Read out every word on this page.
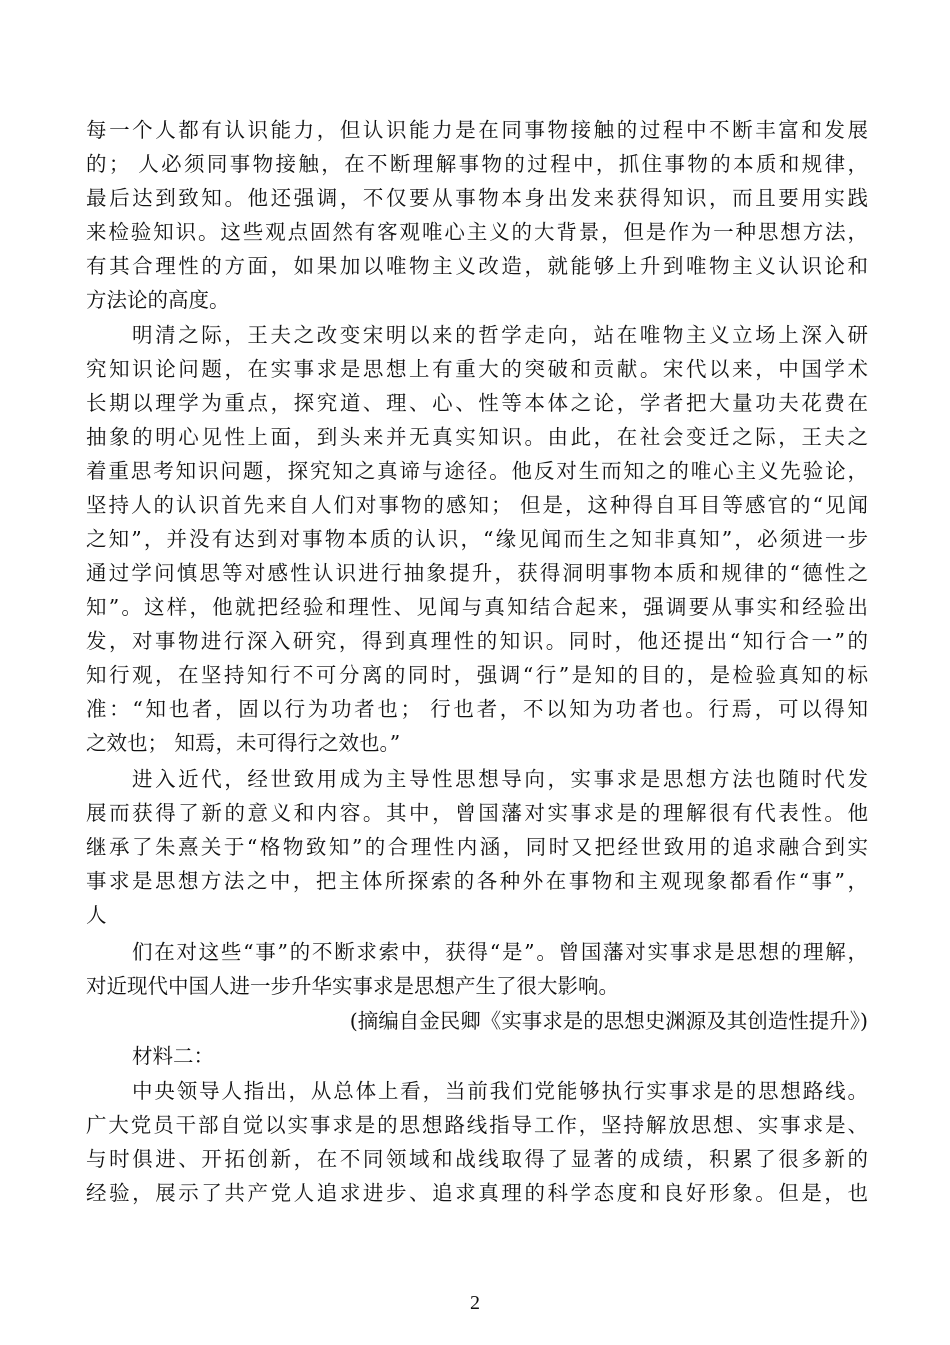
每一个人都有认识能力，但认识能力是在同事物接触的过程中不断丰富和发展
的； 人必须同事物接触，在不断理解事物的过程中，抓住事物的本质和规律，
最后达到致知。他还强调，不仅要从事物本身出发来获得知识，而且要用实践
来检验知识。这些观点固然有客观唯心主义的大背景，但是作为一种思想方法，
有其合理性的方面，如果加以唯物主义改造，就能够上升到唯物主义认识论和
方法论的高度。
明清之际，王夫之改变宋明以来的哲学走向，站在唯物主义立场上深入研
究知识论问题，在实事求是思想上有重大的突破和贡献。宋代以来，中国学术
长期以理学为重点，探究道、理、心、性等本体之论，学者把大量功夫花费在
抽象的明心见性上面，到头来并无真实知识。由此，在社会变迁之际，王夫之
着重思考知识问题，探究知之真谛与途径。他反对生而知之的唯心主义先验论，
坚持人的认识首先来自人们对事物的感知； 但是，这种得自耳目等感官的“见闻
之知”，并没有达到对事物本质的认识，“缘见闻而生之知非真知”，必须进一步
通过学问慎思等对感性认识进行抽象提升，获得洞明事物本质和规律的“德性之
知”。这样，他就把经验和理性、见闻与真知结合起来，强调要从事实和经验出
发，对事物进行深入研究，得到真理性的知识。同时，他还提出“知行合一”的
知行观，在坚持知行不可分离的同时，强调“行”是知的目的，是检验真知的标
准：“知也者，固以行为功者也； 行也者，不以知为功者也。行焉，可以得知
之效也； 知焉，未可得行之效也。”
进入近代，经世致用成为主导性思想导向，实事求是思想方法也随时代发
展而获得了新的意义和内容。其中，曾国藩对实事求是的理解很有代表性。他
继承了朱熹关于“格物致知”的合理性内涵，同时又把经世致用的追求融合到实
事求是思想方法之中，把主体所探索的各种外在事物和主观现象都看作“事”，
人
们在对这些“事”的不断求索中，获得“是”。曾国藩对实事求是思想的理解，
对近现代中国人进一步升华实事求是思想产生了很大影响。
(摘编自金民卿《实事求是的思想史渊源及其创造性提升》)
材料二：
中央领导人指出，从总体上看，当前我们党能够执行实事求是的思想路线。
广大党员干部自觉以实事求是的思想路线指导工作，坚持解放思想、实事求是、
与时俱进、开拓创新，在不同领域和战线取得了显著的成绩，积累了很多新的
经验，展示了共产党人追求进步、追求真理的科学态度和良好形象。但是，也
2
